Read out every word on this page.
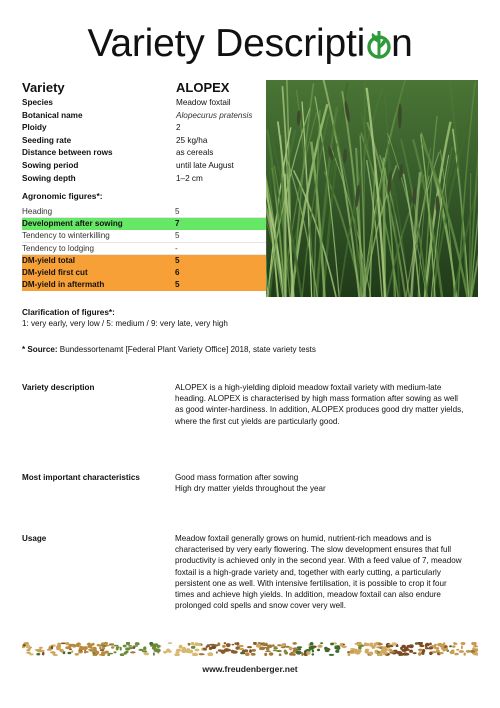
Variety Descripti n
Variety	ALOPEX
Species	Meadow foxtail
Botanical name	Alopecurus pratensis
Ploidy	2
Seeding rate	25 kg/ha
Distance between rows	as cereals
Sowing period	until late August
Sowing depth	1–2 cm
Agronomic figures*:
Heading	5
Development after sowing	7
Tendency to winterkilling	5
Tendency to lodging	-
DM-yield total	5
DM-yield first cut	6
DM-yield in aftermath	5
Clarification of figures*:
1: very early, very low / 5: medium / 9: very late, very high
* Source: Bundessortenamt [Federal Plant Variety Office] 2018, state variety tests
Variety description	ALOPEX is a high-yielding diploid meadow foxtail variety with medium-late heading. ALOPEX is characterised by high mass formation after sowing as well as good winter-hardiness. In addition, ALOPEX produces good dry matter yields, where the first cut yields are particularly good.
Most important characteristics	Good mass formation after sowing
High dry matter yields throughout the year
Usage	Meadow foxtail generally grows on humid, nutrient-rich meadows and is characterised by very early flowering. The slow development ensures that full productivity is achieved only in the second year. With a feed value of 7, meadow foxtail is a high-grade variety and, together with early cutting, a particularly persistent one as well. With intensive fertilisation, it is possible to crop it four times and achieve high yields. In addition, meadow foxtail can also endure prolonged cold spells and snow cover very well.
www.freudenberger.net
